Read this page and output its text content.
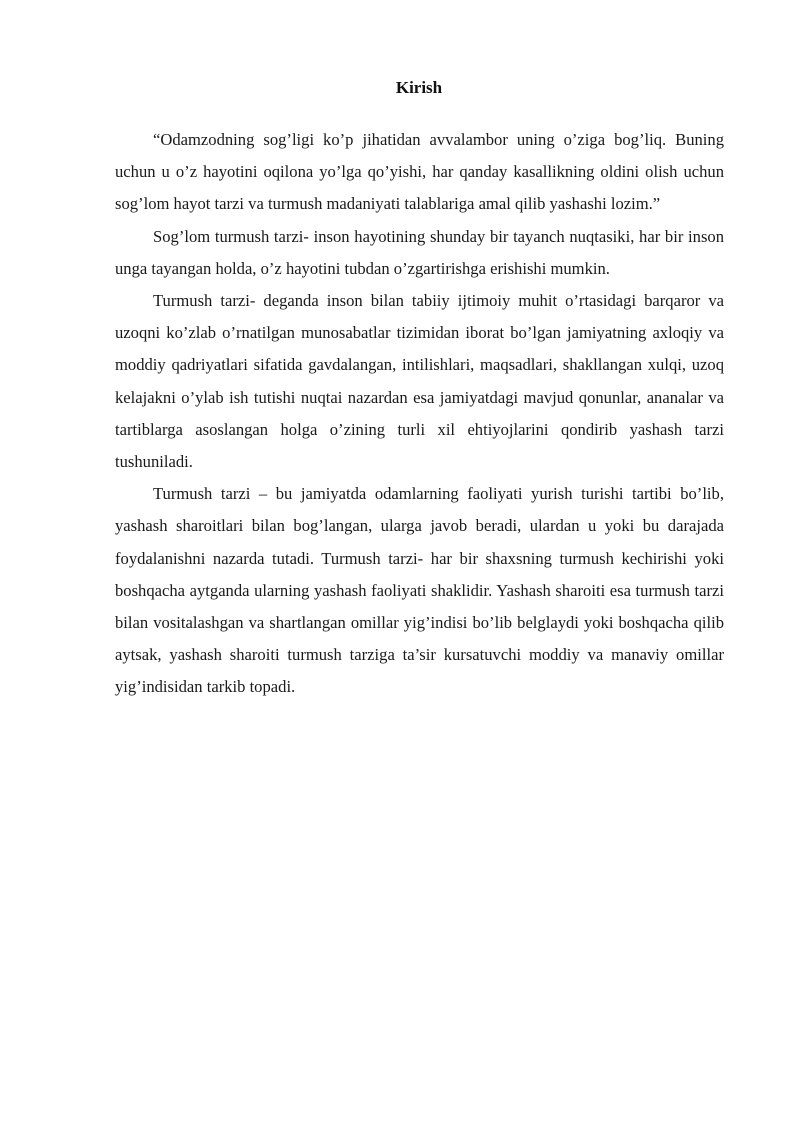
Kirish

“Odamzodning sog’ligi ko’p jihatidan avvalambor uning o’ziga bog’liq. Buning uchun u o’z hayotini oqilona yo’lga qo’yishi, har qanday kasallikning oldini olish uchun sog’lom hayot tarzi va turmush madaniyati talablariga amal qilib yashashi lozim.”

Sog’lom turmush tarzi- inson hayotining shunday bir tayanch nuqtasiki, har bir inson unga tayangan holda, o’z hayotini tubdan o’zgartirishga erishishi mumkin.

Turmush tarzi- deganda inson bilan tabiiy ijtimoiy muhit o’rtasidagi barqaror va uzoqni ko’zlab o’rnatilgan munosabatlar tizimidan iborat bo’lgan jamiyatning axloqiy va moddiy qadriyatlari sifatida gavdalangan, intilishlari, maqsadlari, shakllangan xulqi, uzoq kelajakni o’ylab ish tutishi nuqtai nazardan esa jamiyatdagi mavjud qonunlar, ananalar va tartiblarga asoslangan holga o’zining turli xil ehtiyojlarini qondirib yashash tarzi tushuniladi.

Turmush tarzi – bu jamiyatda odamlarning faoliyati yurish turishi tartibi bo’lib, yashash sharoitlari bilan bog’langan, ularga javob beradi, ulardan u yoki bu darajada foydalanishni nazarda tutadi. Turmush tarzi- har bir shaxsning turmush kechirishi yoki boshqacha aytganda ularning yashash faoliyati shaklidir. Yashash sharoiti esa turmush tarzi bilan vositalashgan va shartlangan omillar yig’indisi bo’lib belglaydi yoki boshqacha qilib aytsak, yashash sharoiti turmush tarziga ta’sir kursatuvchi moddiy va manaviy omillar yig’indisidan tarkib topadi.
